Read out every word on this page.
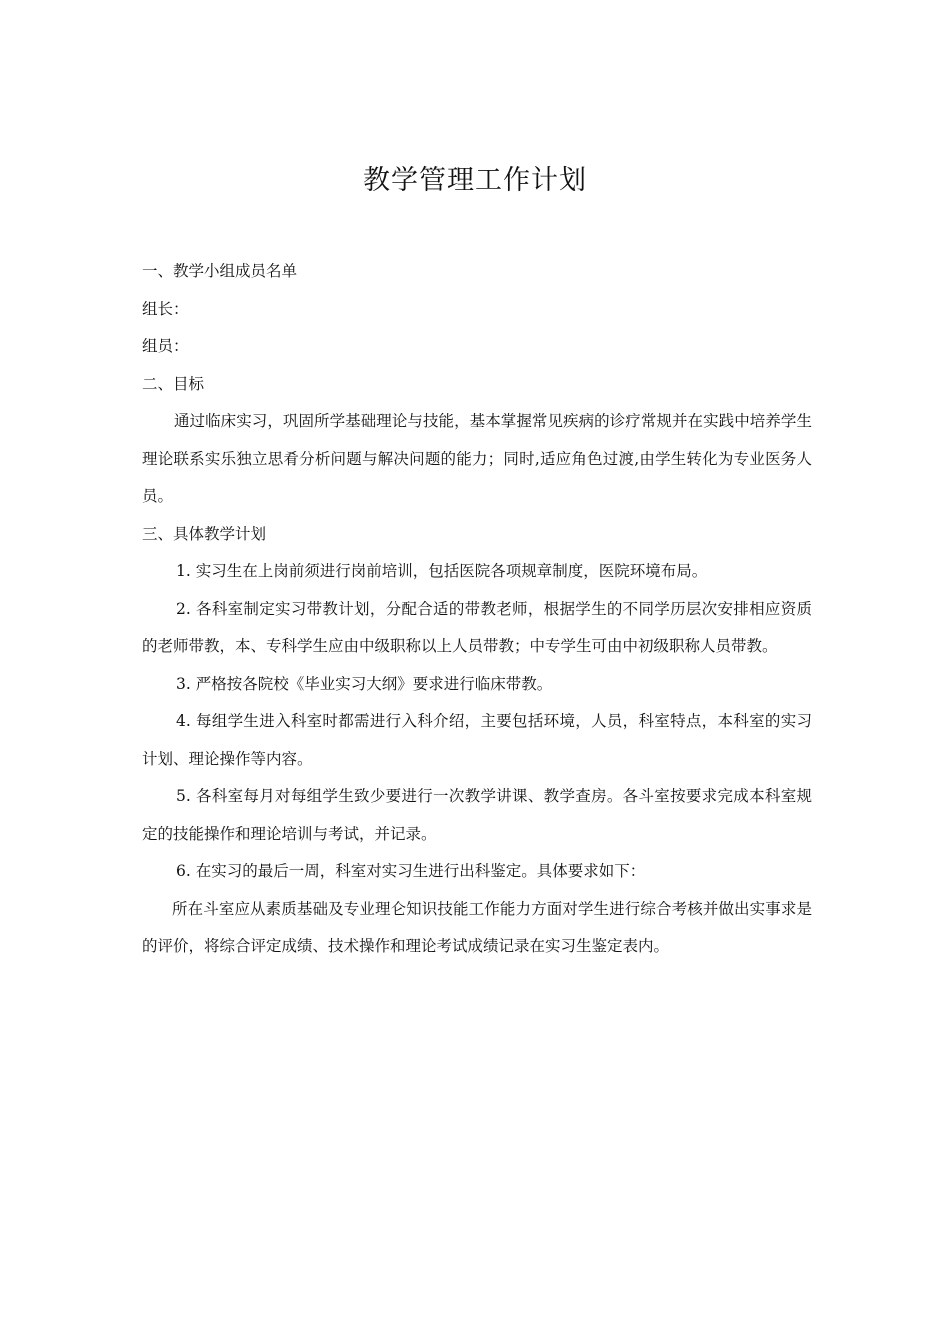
教学管理工作计划

一、教学小组成员名单

组长：

组员：

二、目标

通过临床实习，巩固所学基础理论与技能，基本掌握常见疾病的诊疗常规并在实践中培养学生理论联系实乐独立思肴分析问题与解决问题的能力；同时,适应角色过渡,由学生转化为专业医务人员。

三、具体教学计划

1. 实习生在上岗前须进行岗前培训，包括医院各项规章制度，医院环境布局。

2. 各科室制定实习带教计划，分配合适的带教老师，根据学生的不同学历层次安排相应资质的老师带教，本、专科学生应由中级职称以上人员带教；中专学生可由中初级职称人员带教。

3. 严格按各院校《毕业实习大纲》要求进行临床带教。

4. 每组学生进入科室时都需进行入科介绍，主要包括环境，人员，科室特点，本科室的实习计划、理论操作等内容。

5. 各科室每月对每组学生致少要进行一次教学讲课、教学查房。各斗室按要求完成本科室规定的技能操作和理论培训与考试，并记录。

6. 在实习的最后一周，科室对实习生进行出科鉴定。具体要求如下：

所在斗室应从素质基础及专业理仑知识技能工作能力方面对学生进行综合考核并做出实事求是的评价，将综合评定成绩、技术操作和理论考试成绩记录在实习生鉴定表内。
